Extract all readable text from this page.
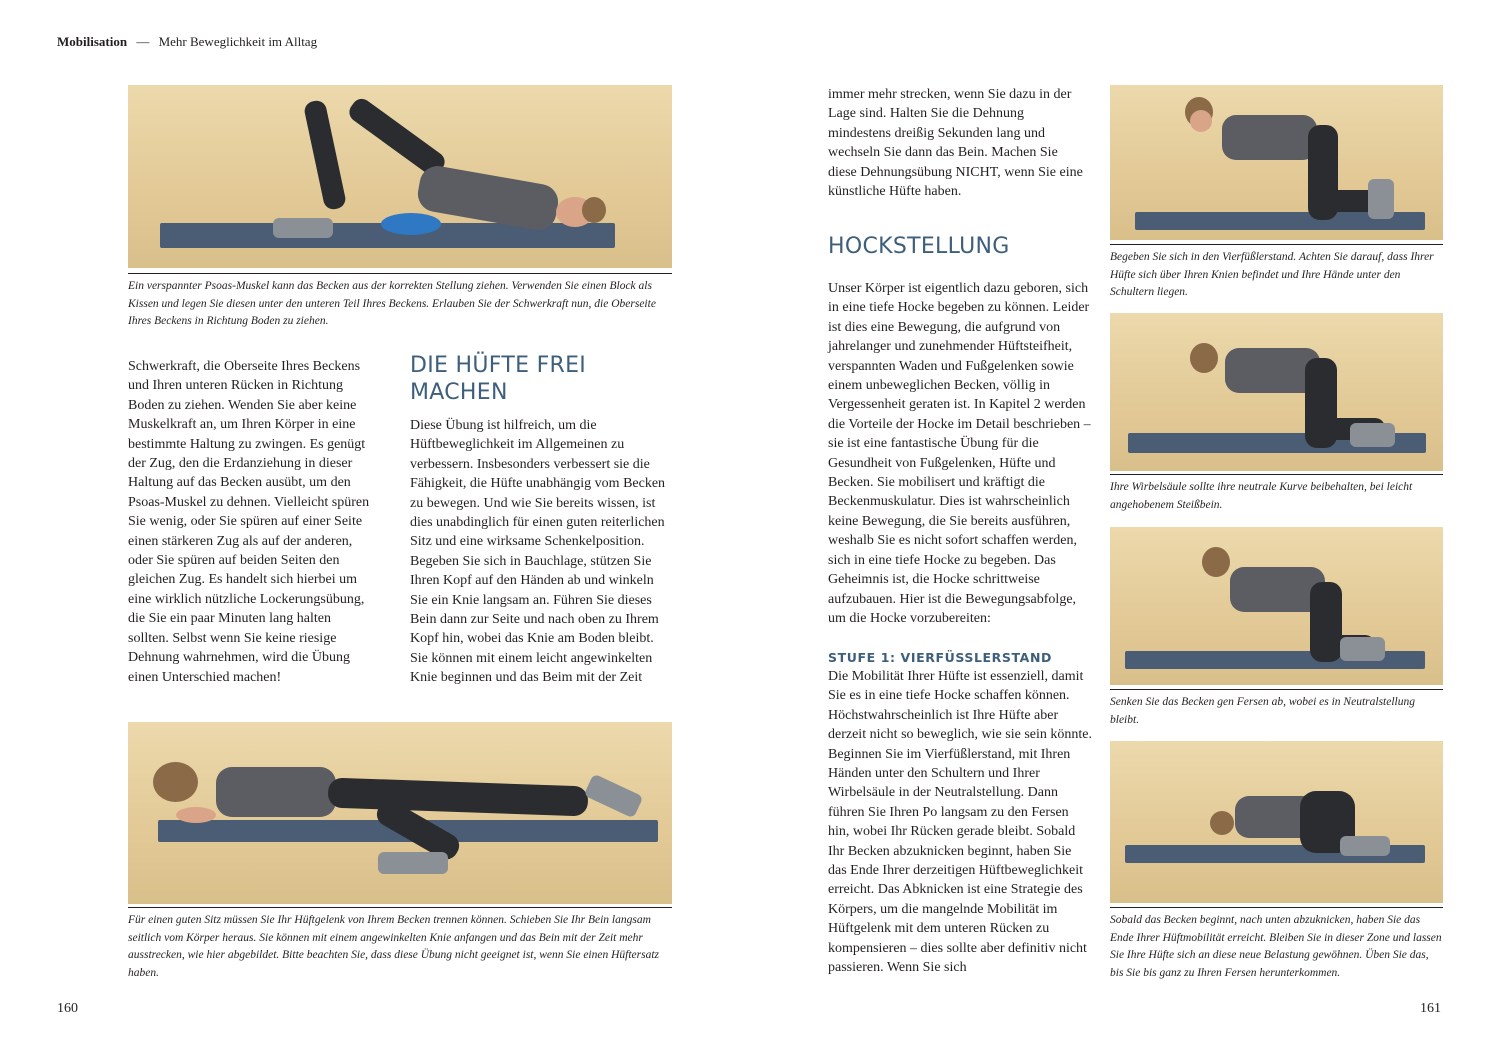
Mobilisation — Mehr Beweglichkeit im Alltag
Ein verspannter Psoas-Muskel kann das Becken aus der korrekten Stellung ziehen. Verwenden Sie einen Block als Kissen und legen Sie diesen unter den unteren Teil Ihres Beckens. Erlauben Sie der Schwerkraft nun, die Oberseite Ihres Beckens in Richtung Boden zu ziehen.
Schwerkraft, die Oberseite Ihres Beckens und Ihren unteren Rücken in Richtung Boden zu ziehen. Wenden Sie aber keine Muskelkraft an, um Ihren Körper in eine bestimmte Haltung zu zwingen. Es genügt der Zug, den die Erdanziehung in dieser Haltung auf das Becken ausübt, um den Psoas-Muskel zu dehnen. Vielleicht spüren Sie wenig, oder Sie spüren auf einer Seite einen stärkeren Zug als auf der anderen, oder Sie spüren auf beiden Seiten den gleichen Zug. Es handelt sich hierbei um eine wirklich nützliche Lockerungsübung, die Sie ein paar Minuten lang halten sollten. Selbst wenn Sie keine riesige Dehnung wahrnehmen, wird die Übung einen Unterschied machen!
DIE HÜFTE FREI MACHEN
Diese Übung ist hilfreich, um die Hüftbeweglichkeit im Allgemeinen zu verbessern. Insbesonders verbessert sie die Fähigkeit, die Hüfte unabhängig vom Becken zu bewegen. Und wie Sie bereits wissen, ist dies unabdinglich für einen guten reiterlichen Sitz und eine wirksame Schenkelposition. Begeben Sie sich in Bauchlage, stützen Sie Ihren Kopf auf den Händen ab und winkeln Sie ein Knie langsam an. Führen Sie dieses Bein dann zur Seite und nach oben zu Ihrem Kopf hin, wobei das Knie am Boden bleibt. Sie können mit einem leicht angewinkelten Knie beginnen und das Beim mit der Zeit
Für einen guten Sitz müssen Sie Ihr Hüftgelenk von Ihrem Becken trennen können. Schieben Sie Ihr Bein langsam seitlich vom Körper heraus. Sie können mit einem angewinkelten Knie anfangen und das Bein mit der Zeit mehr ausstrecken, wie hier abgebildet. Bitte beachten Sie, dass diese Übung nicht geeignet ist, wenn Sie einen Hüftersatz haben.
160
immer mehr strecken, wenn Sie dazu in der Lage sind. Halten Sie die Dehnung mindestens dreißig Sekunden lang und wechseln Sie dann das Bein. Machen Sie diese Dehnungsübung NICHT, wenn Sie eine künstliche Hüfte haben.
HOCKSTELLUNG
Unser Körper ist eigentlich dazu geboren, sich in eine tiefe Hocke begeben zu können. Leider ist dies eine Bewegung, die aufgrund von jahrelanger und zunehmender Hüftsteifheit, verspannten Waden und Fußgelenken sowie einem unbeweglichen Becken, völlig in Vergessenheit geraten ist. In Kapitel 2 werden die Vorteile der Hocke im Detail beschrieben – sie ist eine fantastische Übung für die Gesundheit von Fußgelenken, Hüfte und Becken. Sie mobilisert und kräftigt die Beckenmuskulatur. Dies ist wahrscheinlich keine Bewegung, die Sie bereits ausführen, weshalb Sie es nicht sofort schaffen werden, sich in eine tiefe Hocke zu begeben. Das Geheimnis ist, die Hocke schrittweise aufzubauen. Hier ist die Bewegungsabfolge, um die Hocke vorzubereiten:
STUFE 1: VIERFÜSSLERSTAND
Die Mobilität Ihrer Hüfte ist essenziell, damit Sie es in eine tiefe Hocke schaffen können. Höchstwahrscheinlich ist Ihre Hüfte aber derzeit nicht so beweglich, wie sie sein könnte. Beginnen Sie im Vierfüßlerstand, mit Ihren Händen unter den Schultern und Ihrer Wirbelsäule in der Neutralstellung. Dann führen Sie Ihren Po langsam zu den Fersen hin, wobei Ihr Rücken gerade bleibt. Sobald Ihr Becken abzuknicken beginnt, haben Sie das Ende Ihrer derzeitigen Hüftbeweglichkeit erreicht. Das Abknicken ist eine Strategie des Körpers, um die mangelnde Mobilität im Hüftgelenk mit dem unteren Rücken zu kompensieren – dies sollte aber definitiv nicht passieren. Wenn Sie sich
Begeben Sie sich in den Vierfüßlerstand. Achten Sie darauf, dass Ihrer Hüfte sich über Ihren Knien befindet und Ihre Hände unter den Schultern liegen.
Ihre Wirbelsäule sollte ihre neutrale Kurve beibehalten, bei leicht angehobenem Steißbein.
Senken Sie das Becken gen Fersen ab, wobei es in Neutralstellung bleibt.
Sobald das Becken beginnt, nach unten abzuknicken, haben Sie das Ende Ihrer Hüftmobilität erreicht. Bleiben Sie in dieser Zone und lassen Sie Ihre Hüfte sich an diese neue Belastung gewöhnen. Üben Sie das, bis Sie bis ganz zu Ihren Fersen herunterkommen.
161
